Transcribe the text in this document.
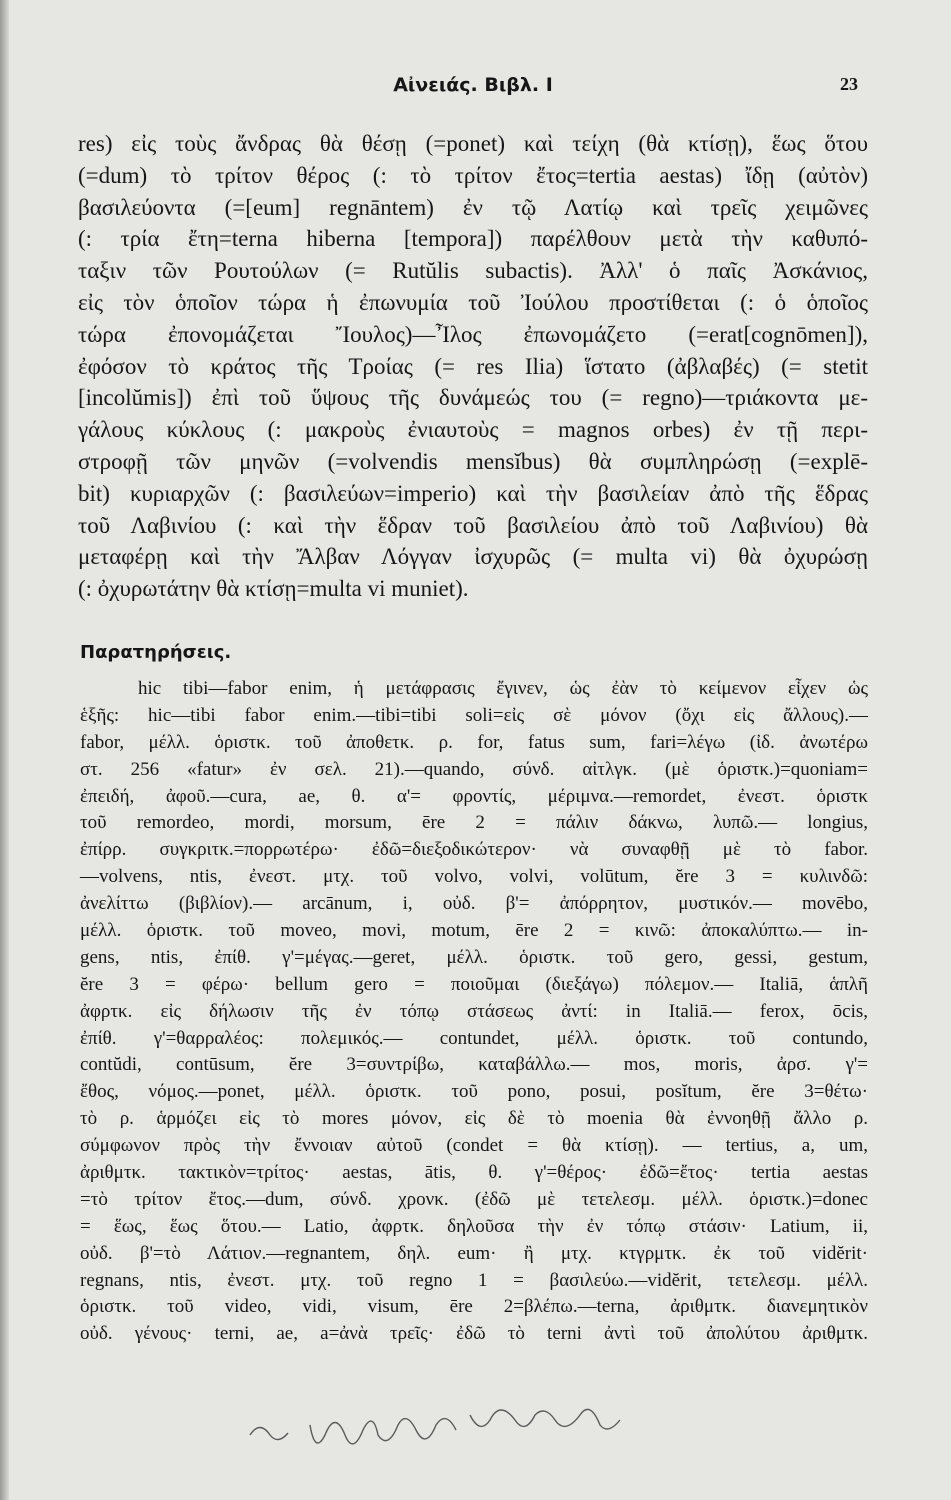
Αἰνειάς. Βιβλ. I	23
res) εἰς τοὺς ἄνδρας θὰ θέσῃ (=ponet) καὶ τείχη (θὰ κτίσῃ), ἕως ὅτου
(=dum) τὸ τρίτον θέρος (: τὸ τρίτον ἔτος=tertia aestas) ἴδῃ (αὐτὸν)
βασιλεύοντα (=[eum] regnāntem) ἐν τῷ Λατίῳ καὶ τρεῖς χειμῶνες
(: τρία ἔτη=terna hiberna [tempora]) παρέλθουν μετὰ τὴν καθυπό-
ταξιν τῶν Ρουτούλων (= Rutŭlis subactis). Ἀλλ' ὁ παῖς Ἀσκάνιος,
εἰς τὸν ὁποῖον τώρα ἡ ἐπωνυμία τοῦ Ἰούλου προστίθεται (: ὁ ὁποῖος
τώρα ἐπονομάζεται Ἴουλος)—Ἶλος ἐπωνομάζετο (=erat[cognōmen]),
ἐφόσον τὸ κράτος τῆς Τροίας (= res Ilia) ἵστατο (ἀβλαβές) (= stetit
[incolŭmis]) ἐπὶ τοῦ ὕψους τῆς δυνάμεώς του (= regno)—τριάκοντα με-
γάλους κύκλους (: μακροὺς ἐνιαυτοὺς = magnos orbes) ἐν τῇ περι-
στροφῇ τῶν μηνῶν (=volvendis mensĭbus) θὰ συμπληρώσῃ (=explē-
bit) κυριαρχῶν (: βασιλεύων=imperio) καὶ τὴν βασιλείαν ἀπὸ τῆς ἕδρας
τοῦ Λαβινίου (: καὶ τὴν ἕδραν τοῦ βασιλείου ἀπὸ τοῦ Λαβινίου) θὰ
μεταφέρῃ καὶ τὴν Ἄλβαν Λόγγαν ἰσχυρῶς (= multa vi) θὰ ὀχυρώσῃ
(: ὀχυρωτάτην θὰ κτίσῃ=multa vi muniet).
Παρατηρήσεις.
hic tibi—fabor enim, ἡ μετάφρασις ἔγινεν, ὡς ἐὰν τὸ κείμενον εἶχεν ὡς
ἑξῆς: hic—tibi fabor enim.—tibi=tibi soli=εἰς σὲ μόνον (ὄχι εἰς ἄλλους).—
fabor, μέλλ. ὁριστκ. τοῦ ἀποθετκ. ρ. for, fatus sum, fari=λέγω (ἰδ. ἀνωτέρω
στ. 256 «fatur» ἐν σελ. 21).—quando, σύνδ. αἰτλγκ. (μὲ ὁριστκ.)=quoniam=
ἐπειδή, ἀφοῦ.—cura, ae, θ. α'= φροντίς, μέριμνα.—remordet, ἐνεστ. ὁριστκ
τοῦ remordeo, mordi, morsum, ēre 2 = πάλιν δάκνω, λυπῶ.— longius,
ἐπίρρ. συγκριτκ.=πορρωτέρω· ἐδῶ=διεξοδικώτερον· νὰ συναφθῇ μὲ τὸ fabor.
—volvens, ntis, ἐνεστ. μτχ. τοῦ volvo, volvi, volūtum, ĕre 3 = κυλινδῶ:
ἀνελίττω (βιβλίον).— arcānum, i, οὐδ. β'= ἀπόρρητον, μυστικόν.— movēbo,
μέλλ. ὁριστκ. τοῦ moveo, movi, motum, ēre 2 = κινῶ: ἀποκαλύπτω.— in-
gens, ntis, ἐπίθ. γ'=μέγας.—geret, μέλλ. ὁριστκ. τοῦ gero, gessi, gestum,
ĕre 3 = φέρω· bellum gero = ποιοῦμαι (διεξάγω) πόλεμον.— Italiā, ἁπλῆ
ἀφρτκ. εἰς δήλωσιν τῆς ἐν τόπῳ στάσεως ἀντί: in Italiā.— ferox, ōcis,
ἐπίθ. γ'=θαρραλέος: πολεμικός.— contundet, μέλλ. ὁριστκ. τοῦ contundo,
contŭdi, contūsum, ĕre 3=συντρίβω, καταβάλλω.— mos, moris, ἀρσ. γ'=
ἔθος, νόμος.—ponet, μέλλ. ὁριστκ. τοῦ pono, posui, posĭtum, ĕre 3=θέτω·
τὸ ρ. ἁρμόζει εἰς τὸ mores μόνον, εἰς δὲ τὸ moenia θὰ ἐννοηθῇ ἄλλο ρ.
σύμφωνον πρὸς τὴν ἔννοιαν αὐτοῦ (condet = θὰ κτίσῃ). — tertius, a, um,
ἀριθμτκ. τακτικὸν=τρίτος· aestas, ātis, θ. γ'=θέρος· ἐδῶ=ἔτος· tertia aestas
=τὸ τρίτον ἔτος.—dum, σύνδ. χρονκ. (ἐδῶ μὲ τετελεσμ. μέλλ. ὁριστκ.)=donec
= ἕως, ἕως ὅτου.— Latio, ἀφρτκ. δηλοῦσα τὴν ἐν τόπῳ στάσιν· Latium, ii,
οὐδ. β'=τὸ Λάτιον.—regnantem, δηλ. eum· ἢ μτχ. κτγρμτκ. ἐκ τοῦ vidĕrit·
regnans, ntis, ἐνεστ. μτχ. τοῦ regno 1 = βασιλεύω.—vidĕrit, τετελεσμ. μέλλ.
ὁριστκ. τοῦ video, vidi, visum, ēre 2=βλέπω.—terna, ἀριθμτκ. διανεμητικὸν
οὐδ. γένους· terni, ae, a=ἀνὰ τρεῖς· ἐδῶ τὸ terni ἀντὶ τοῦ ἀπολύτου ἀριθμτκ.
